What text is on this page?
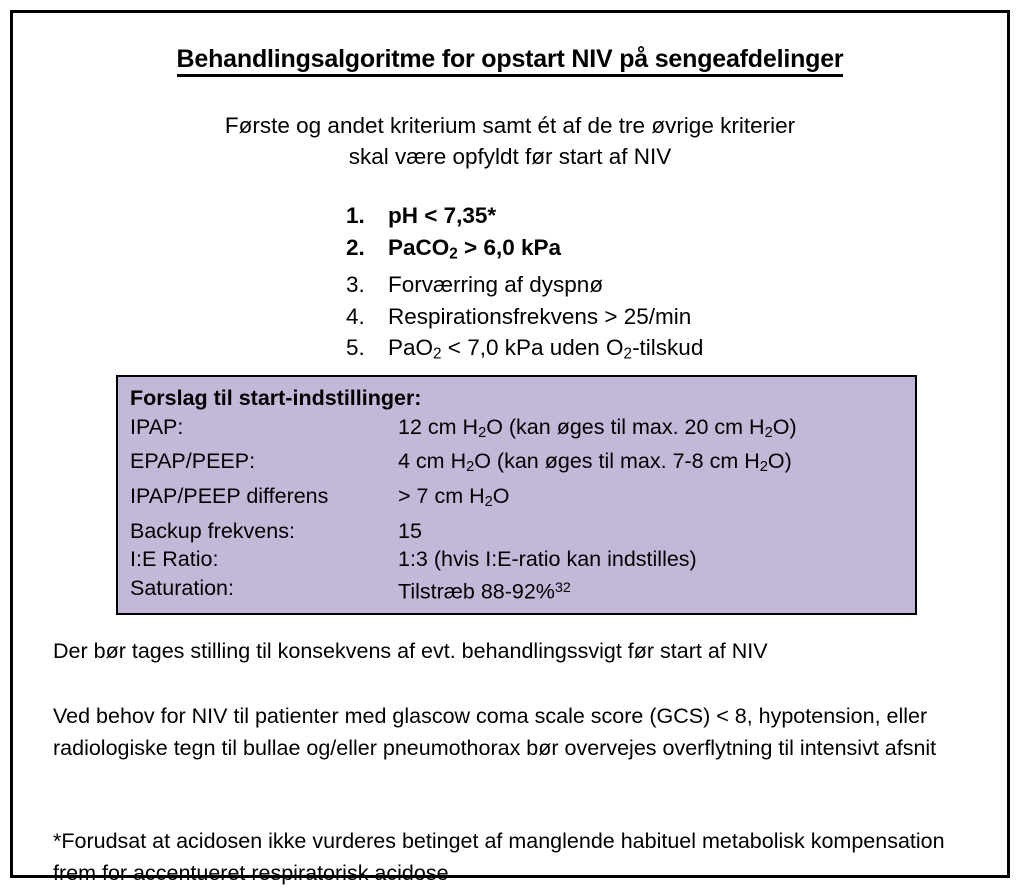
Behandlingsalgoritme for opstart NIV på sengeafdelinger
Første og andet kriterium samt ét af de tre øvrige kriterier
skal være opfyldt før start af NIV
1.	pH < 7,35*
2.	PaCO$_2$ > 6,0 kPa
3.	Forværring af dyspnø
4.	Respirationsfrekvens > 25/min
5.	PaO$_2$ < 7,0 kPa uden $O_2$-tilskud
Forslag til start-indstillinger:
IPAP:	12 cm $H_2O$ (kan øges til max. 20 cm $H_2O$)
EPAP/PEEP:	4 cm $H_2O$ (kan øges til max. 7-8 cm $H_2O$)
IPAP/PEEP differens	> 7 cm $H_2O$
Backup frekvens:	15
I:E Ratio:	1:3 (hvis I:E-ratio kan indstilles)
Saturation:	Tilstræb 88-92%$^{32}$
Der bør tages stilling til konsekvens af evt. behandlingssvigt før start af NIV
Ved behov for NIV til patienter med glascow coma scale score (GCS) < 8, hypotension, eller radiologiske tegn til bullae og/eller pneumothorax bør overvejes overflytning til intensivt afsnit
*Forudsat at acidosen ikke vurderes betinget af manglende habituel metabolisk kompensation frem for accentueret respiratorisk acidose
